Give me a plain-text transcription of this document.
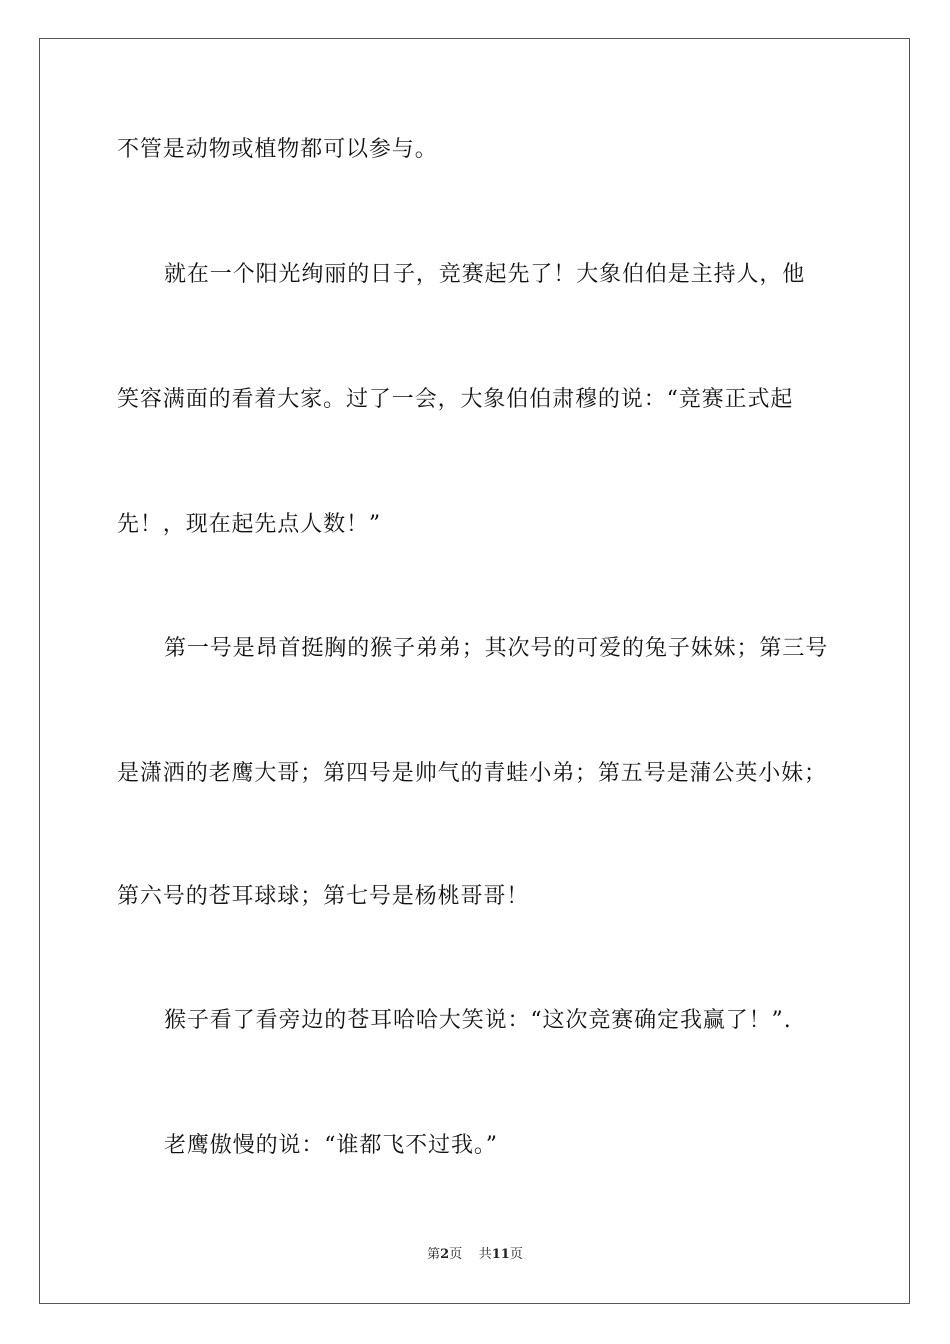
不管是动物或植物都可以参与。
就在一个阳光绚丽的日子，竞赛起先了！大象伯伯是主持人，他
笑容满面的看着大家。过了一会，大象伯伯肃穆的说：“竞赛正式起
先！，现在起先点人数！”
第一号是昂首挺胸的猴子弟弟；其次号的可爱的兔子妹妹；第三号
是潇洒的老鹰大哥；第四号是帅气的青蛙小弟；第五号是蒲公英小妹；
第六号的苍耳球球；第七号是杨桃哥哥！
猴子看了看旁边的苍耳哈哈大笑说：“这次竞赛确定我赢了！”.
老鹰傲慢的说：“谁都飞不过我。”
第2页 共11页
